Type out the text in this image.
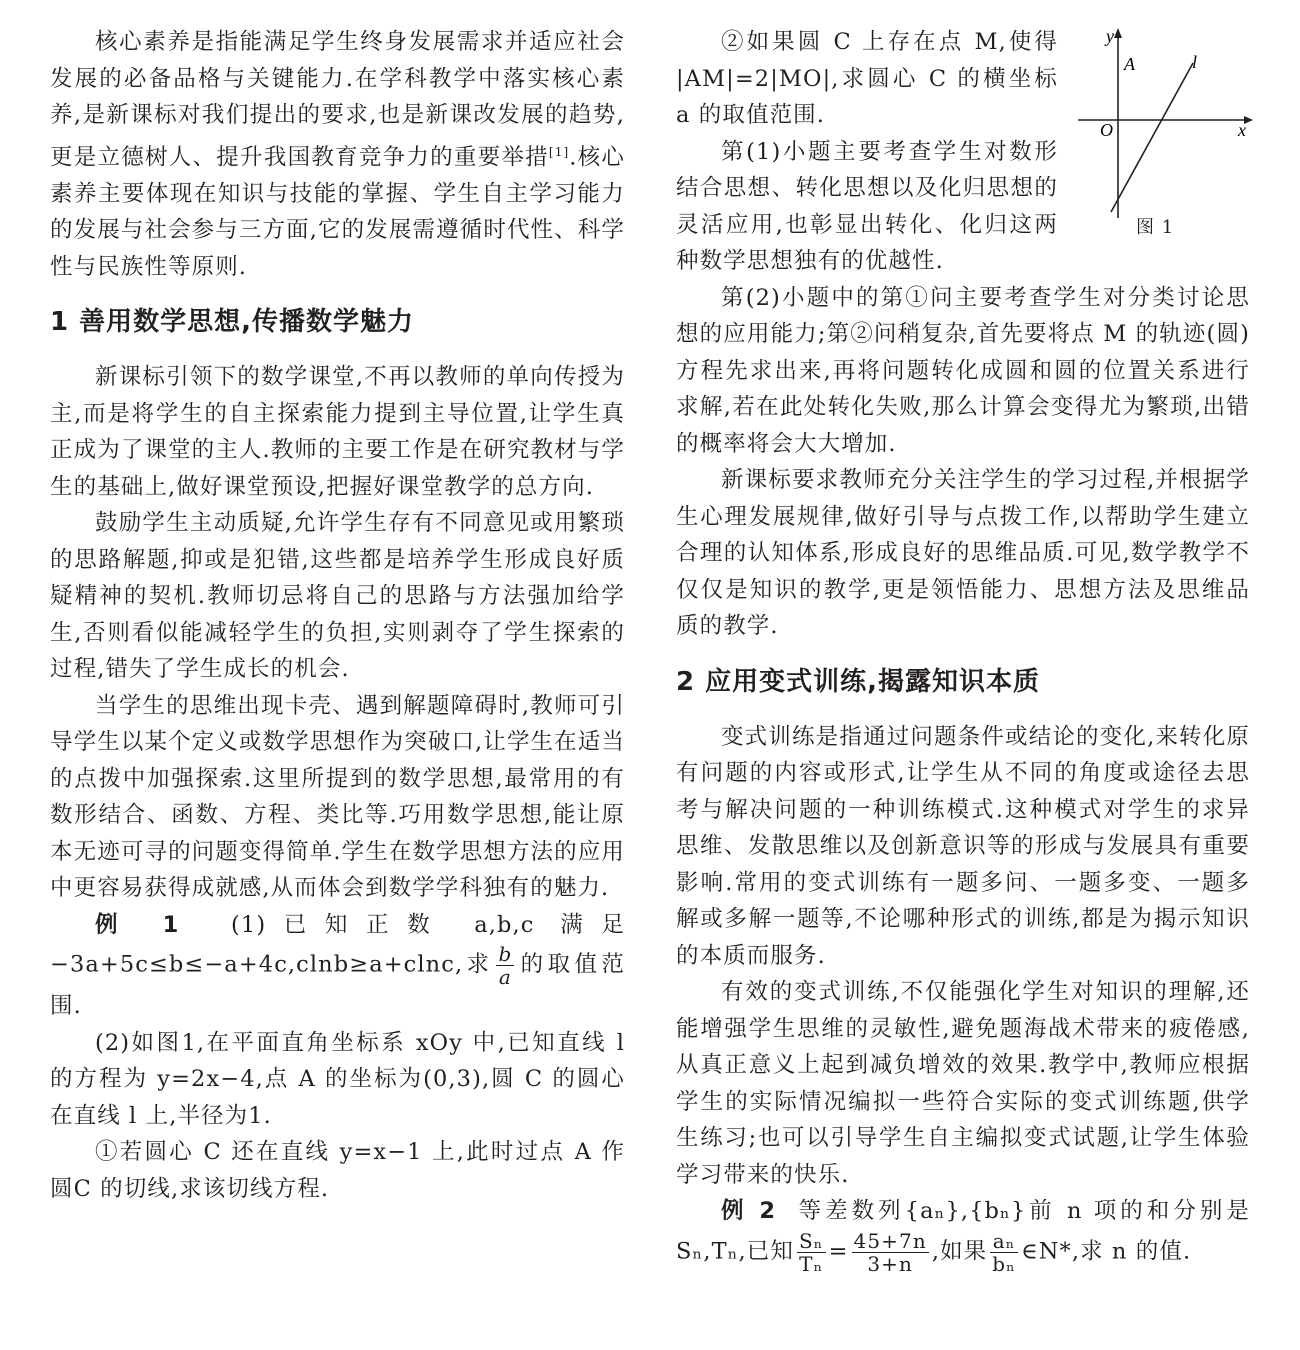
核心素养是指能满足学生终身发展需求并适应社会发展的必备品格与关键能力.在学科教学中落实核心素养,是新课标对我们提出的要求,也是新课改发展的趋势,更是立德树人、提升我国教育竞争力的重要举措[1].核心素养主要体现在知识与技能的掌握、学生自主学习能力的发展与社会参与三方面,它的发展需遵循时代性、科学性与民族性等原则.

1 善用数学思想,传播数学魅力

新课标引领下的数学课堂,不再以教师的单向传授为主,而是将学生的自主探索能力提到主导位置,让学生真正成为了课堂的主人.教师的主要工作是在研究教材与学生的基础上,做好课堂预设,把握好课堂教学的总方向.

鼓励学生主动质疑,允许学生存有不同意见或用繁琐的思路解题,抑或是犯错,这些都是培养学生形成良好质疑精神的契机.教师切忌将自己的思路与方法强加给学生,否则看似能减轻学生的负担,实则剥夺了学生探索的过程,错失了学生成长的机会.

当学生的思维出现卡壳、遇到解题障碍时,教师可引导学生以某个定义或数学思想作为突破口,让学生在适当的点拨中加强探索.这里所提到的数学思想,最常用的有数形结合、函数、方程、类比等.巧用数学思想,能让原本无迹可寻的问题变得简单.学生在数学思想方法的应用中更容易获得成就感,从而体会到数学学科独有的魅力.

例 1 (1)已知正数 a,b,c 满足 −3a+5c≤b≤−a+4c,clnb≥a+clnc,求 $\frac{b}{a}$ 的取值范围.

(2)如图1,在平面直角坐标系 xOy 中,已知直线 l 的方程为 y=2x−4,点 A 的坐标为(0,3),圆 C 的圆心在直线 l 上,半径为1.

①若圆心 C 还在直线 y=x−1 上,此时过点 A 作圆C 的切线,求该切线方程.

y
x
O
A	l
图 1

②如果圆 C 上存在点 M,使得 |AM|=2|MO|,求圆心 C 的横坐标 a 的取值范围.

第(1)小题主要考查学生对数形结合思想、转化思想以及化归思想的灵活应用,也彰显出转化、化归这两种数学思想独有的优越性.

第(2)小题中的第①问主要考查学生对分类讨论思想的应用能力;第②问稍复杂,首先要将点 M 的轨迹(圆)方程先求出来,再将问题转化成圆和圆的位置关系进行求解,若在此处转化失败,那么计算会变得尤为繁琐,出错的概率将会大大增加.

新课标要求教师充分关注学生的学习过程,并根据学生心理发展规律,做好引导与点拨工作,以帮助学生建立合理的认知体系,形成良好的思维品质.可见,数学教学不仅仅是知识的教学,更是领悟能力、思想方法及思维品质的教学.

2 应用变式训练,揭露知识本质

变式训练是指通过问题条件或结论的变化,来转化原有问题的内容或形式,让学生从不同的角度或途径去思考与解决问题的一种训练模式.这种模式对学生的求异思维、发散思维以及创新意识等的形成与发展具有重要影响.常用的变式训练有一题多问、一题多变、一题多解或多解一题等,不论哪种形式的训练,都是为揭示知识的本质而服务.

有效的变式训练,不仅能强化学生对知识的理解,还能增强学生思维的灵敏性,避免题海战术带来的疲倦感,从真正意义上起到减负增效的效果.教学中,教师应根据学生的实际情况编拟一些符合实际的变式训练题,供学生练习;也可以引导学生自主编拟变式试题,让学生体验学习带来的快乐.

例 2 等差数列{aₙ},{bₙ}前 n 项的和分别是 Sₙ,Tₙ,已知 $\frac{\text{Sₙ}}{\text{Tₙ}} = \frac{45+7n}{3+n}$ ,如果 $\frac{\text{aₙ}}{\text{bₙ}}$ ∈N*,求 n 的值.
